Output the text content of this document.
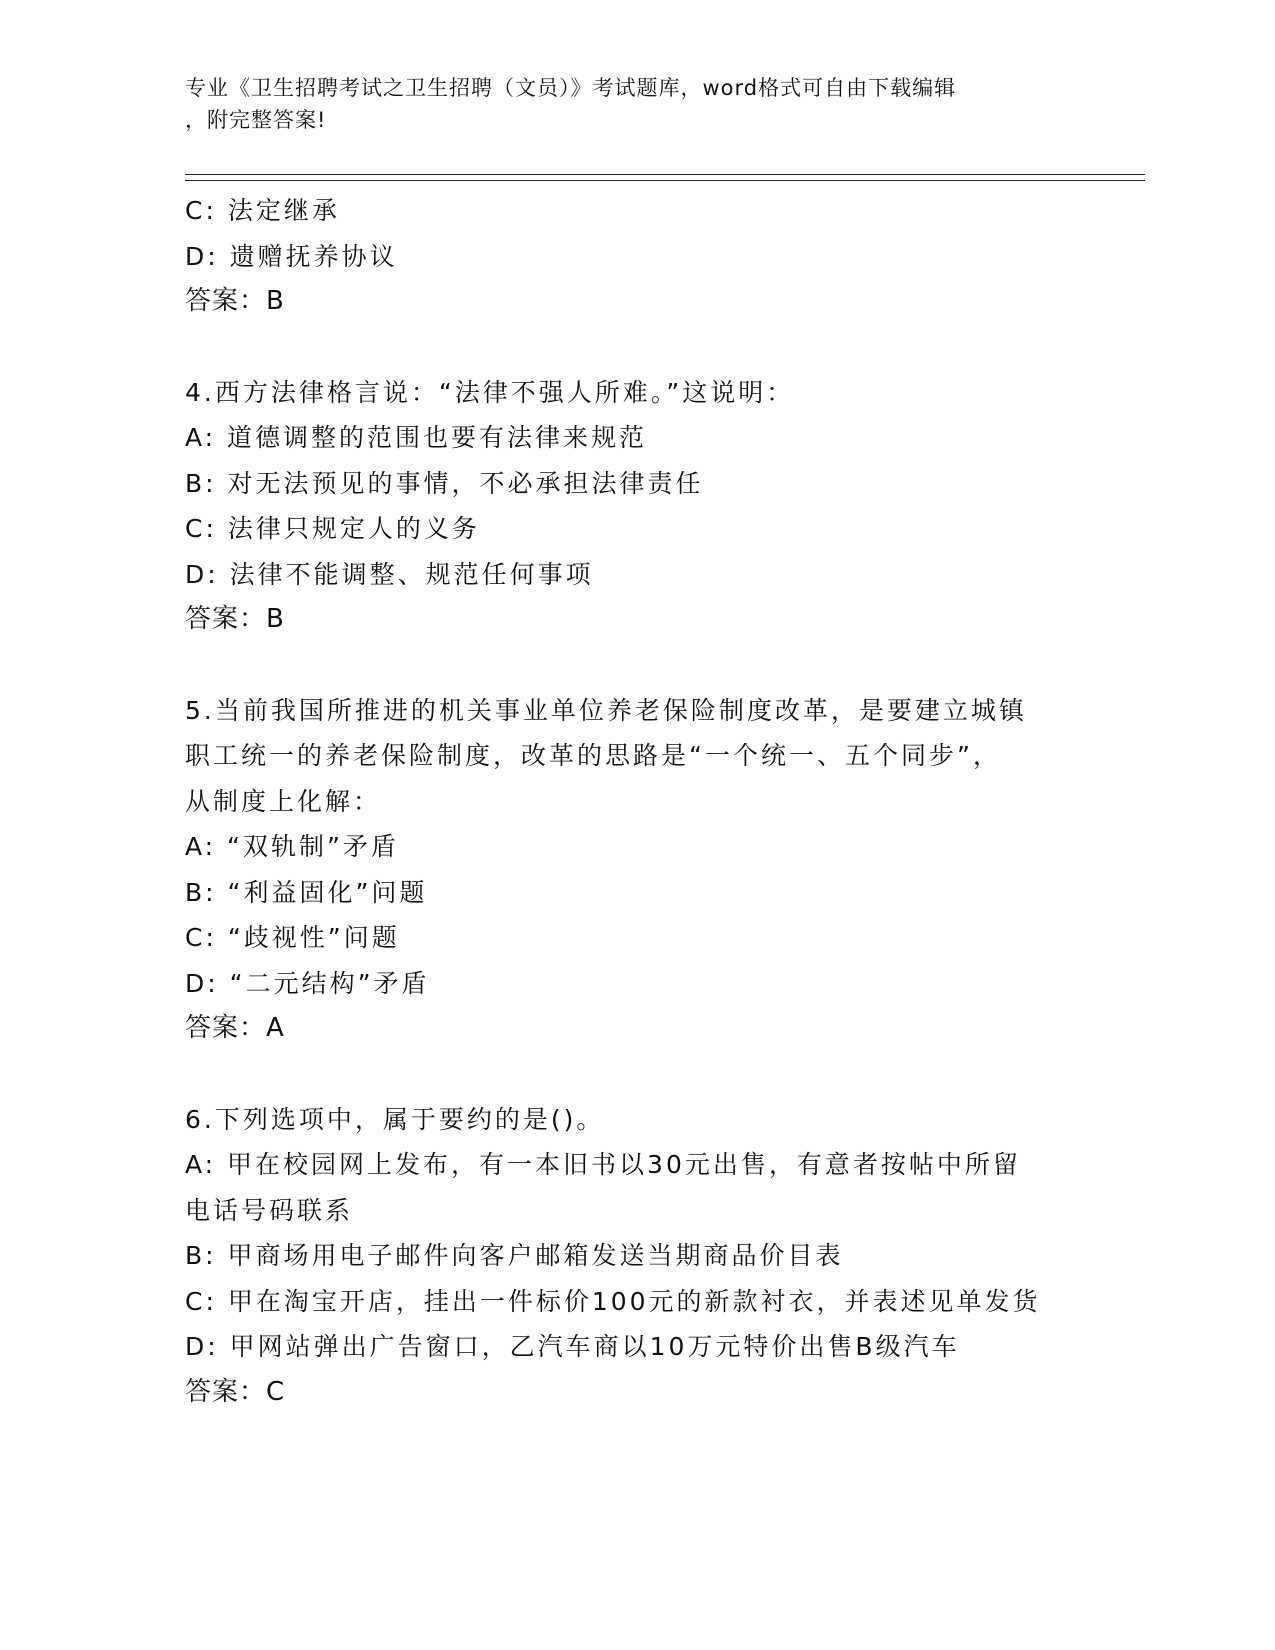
专业《卫生招聘考试之卫生招聘（文员）》考试题库，word格式可自由下载编辑
，附完整答案!
C: 法定继承
D: 遗赠抚养协议
答案：B
4.西方法律格言说：“法律不强人所难。”这说明：
A: 道德调整的范围也要有法律来规范
B: 对无法预见的事情，不必承担法律责任
C: 法律只规定人的义务
D: 法律不能调整、规范任何事项
答案：B
5.当前我国所推进的机关事业单位养老保险制度改革，是要建立城镇
职工统一的养老保险制度，改革的思路是“一个统一、五个同步”，
从制度上化解：
A: “双轨制”矛盾
B: “利益固化”问题
C: “歧视性”问题
D: “二元结构”矛盾
答案：A
6.下列选项中，属于要约的是()。
A: 甲在校园网上发布，有一本旧书以30元出售，有意者按帖中所留
电话号码联系
B: 甲商场用电子邮件向客户邮箱发送当期商品价目表
C: 甲在淘宝开店，挂出一件标价100元的新款衬衣，并表述见单发货
D: 甲网站弹出广告窗口，乙汽车商以10万元特价出售B级汽车
答案：C
